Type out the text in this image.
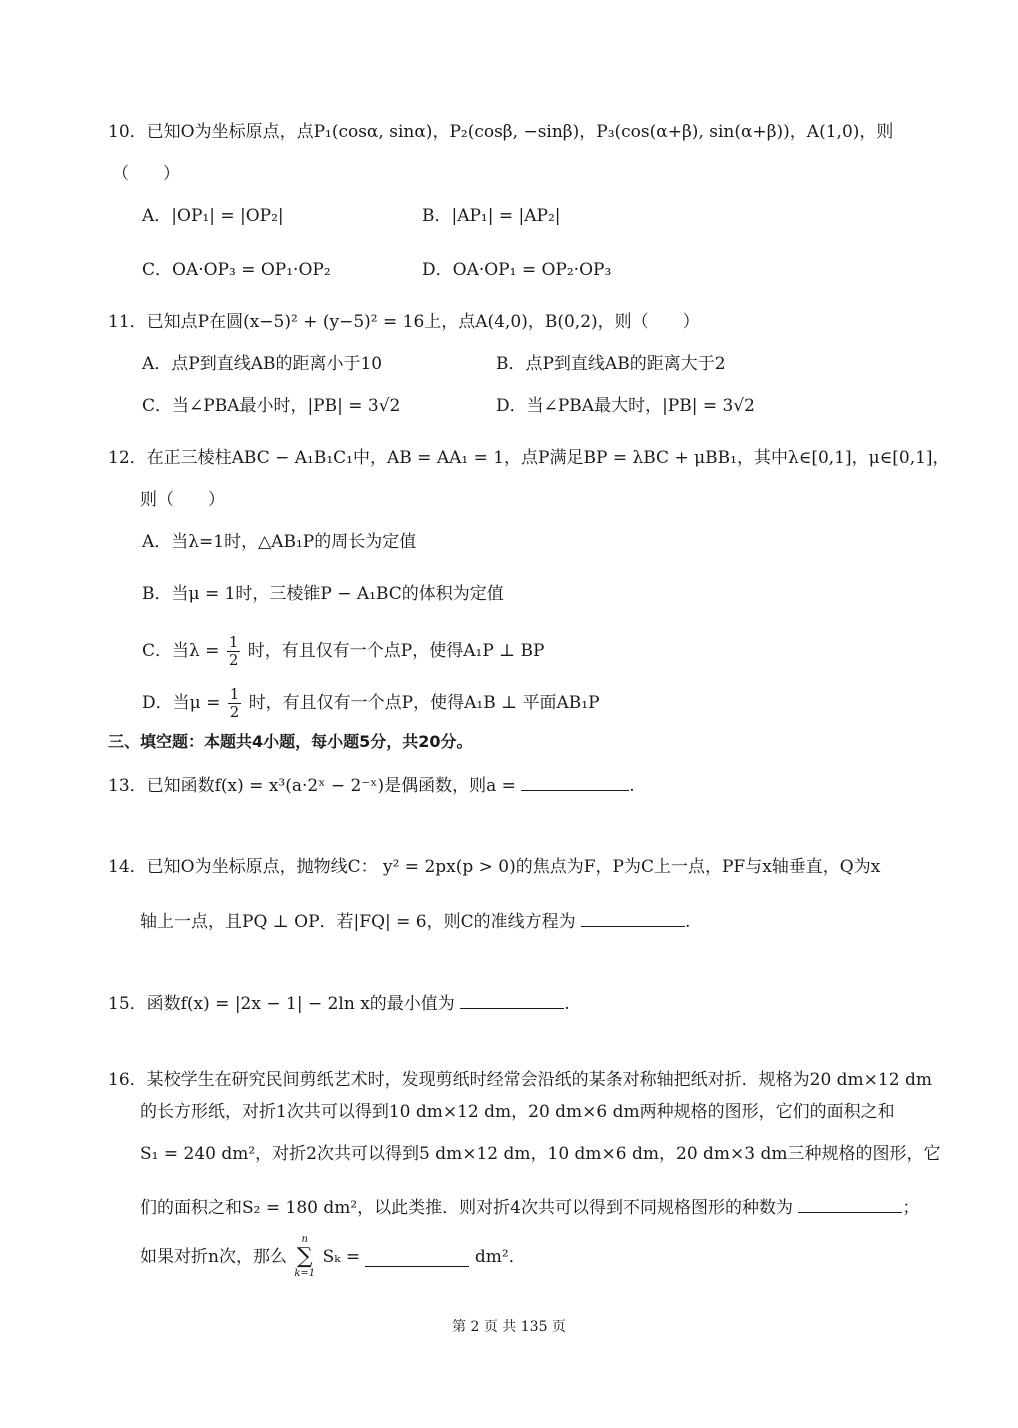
10．已知O为坐标原点，点P₁(cosα, sinα)，P₂(cosβ, −sinβ)，P₃(cos(α+β), sin(α+β))，A(1,0)，则
（　　）
A．|OP₁| = |OP₂|	B．|AP₁| = |AP₂|
C．OA·OP₃ = OP₁·OP₂	D．OA·OP₁ = OP₂·OP₃
11．已知点P在圆(x−5)² + (y−5)² = 16上，点A(4,0)，B(0,2)，则（　　）
A．点P到直线AB的距离小于10	B．点P到直线AB的距离大于2
C．当∠PBA最小时，|PB| = 3√2	D．当∠PBA最大时，|PB| = 3√2
12．在正三棱柱ABC − A₁B₁C₁中，AB = AA₁ = 1，点P满足BP = λBC + μBB₁，其中λ∈[0,1]，μ∈[0,1]，
则（　　）
A．当λ=1时，△AB₁P的周长为定值
B．当μ = 1时，三棱锥P − A₁BC的体积为定值
C．当$\lambda = \frac{1}{2}$ 时，有且仅有一个点P，使得A₁P ⊥ BP
D．当$\mu = \frac{1}{2}$ 时，有且仅有一个点P，使得A₁B ⊥ 平面AB₁P
三、填空题：本题共4小题，每小题5分，共20分。
13．已知函数f(x) = x³(a·2ˣ − 2⁻ˣ)是偶函数，则a =	.
14．已知O为坐标原点，抛物线C： y² = 2px(p > 0)的焦点为F，P为C上一点，PF与x轴垂直，Q为x
轴上一点，且PQ ⊥ OP．若|FQ| = 6，则C的准线方程为	.
15．函数f(x) = |2x − 1| − 2ln x的最小值为	.
16．某校学生在研究民间剪纸艺术时，发现剪纸时经常会沿纸的某条对称轴把纸对折．规格为20 dm×12 dm
的长方形纸，对折1次共可以得到10 dm×12 dm，20 dm×6 dm两种规格的图形，它们的面积之和
S₁ = 240 dm²，对折2次共可以得到5 dm×12 dm，10 dm×6 dm，20 dm×3 dm三种规格的图形，它
们的面积之和S₂ = 180 dm²，以此类推．则对折4次共可以得到不同规格图形的种数为	；
如果对折n次，那么
n
∑
k=1
Sₖ =	dm²．
第 2 页 共 135 页
